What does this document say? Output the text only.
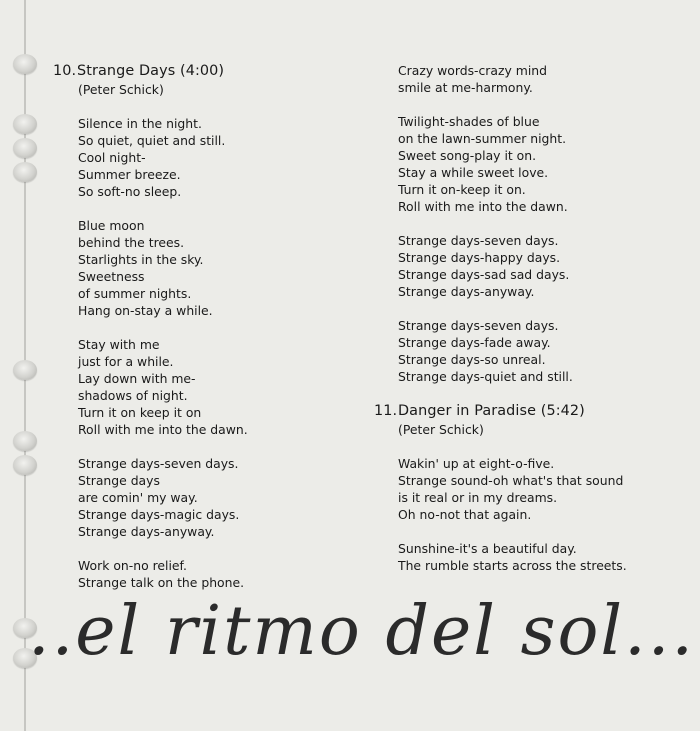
10.Strange Days (4:00)
(Peter Schick)
Silence in the night.
So quiet, quiet and still.
Cool night-
Summer breeze.
So soft-no sleep.
Blue moon
behind the trees.
Starlights in the sky.
Sweetness
of summer nights.
Hang on-stay a while.
Stay with me
just for a while.
Lay down with me-
shadows of night.
Turn it on keep it on
Roll with me into the dawn.
Strange days-seven days.
Strange days
are comin' my way.
Strange days-magic days.
Strange days-anyway.
Work on-no relief.
Strange talk on the phone.
Crazy words-crazy mind
smile at me-harmony.
Twilight-shades of blue
on the lawn-summer night.
Sweet song-play it on.
Stay a while sweet love.
Turn it on-keep it on.
Roll with me into the dawn.
Strange days-seven days.
Strange days-happy days.
Strange days-sad sad days.
Strange days-anyway.
Strange days-seven days.
Strange days-fade away.
Strange days-so unreal.
Strange days-quiet and still.
11.Danger in Paradise (5:42)
(Peter Schick)
Wakin' up at eight-o-five.
Strange sound-oh what's that sound
is it real or in my dreams.
Oh no-not that again.
Sunshine-it's a beautiful day.
The rumble starts across the streets.
..el ritmo del sol...
